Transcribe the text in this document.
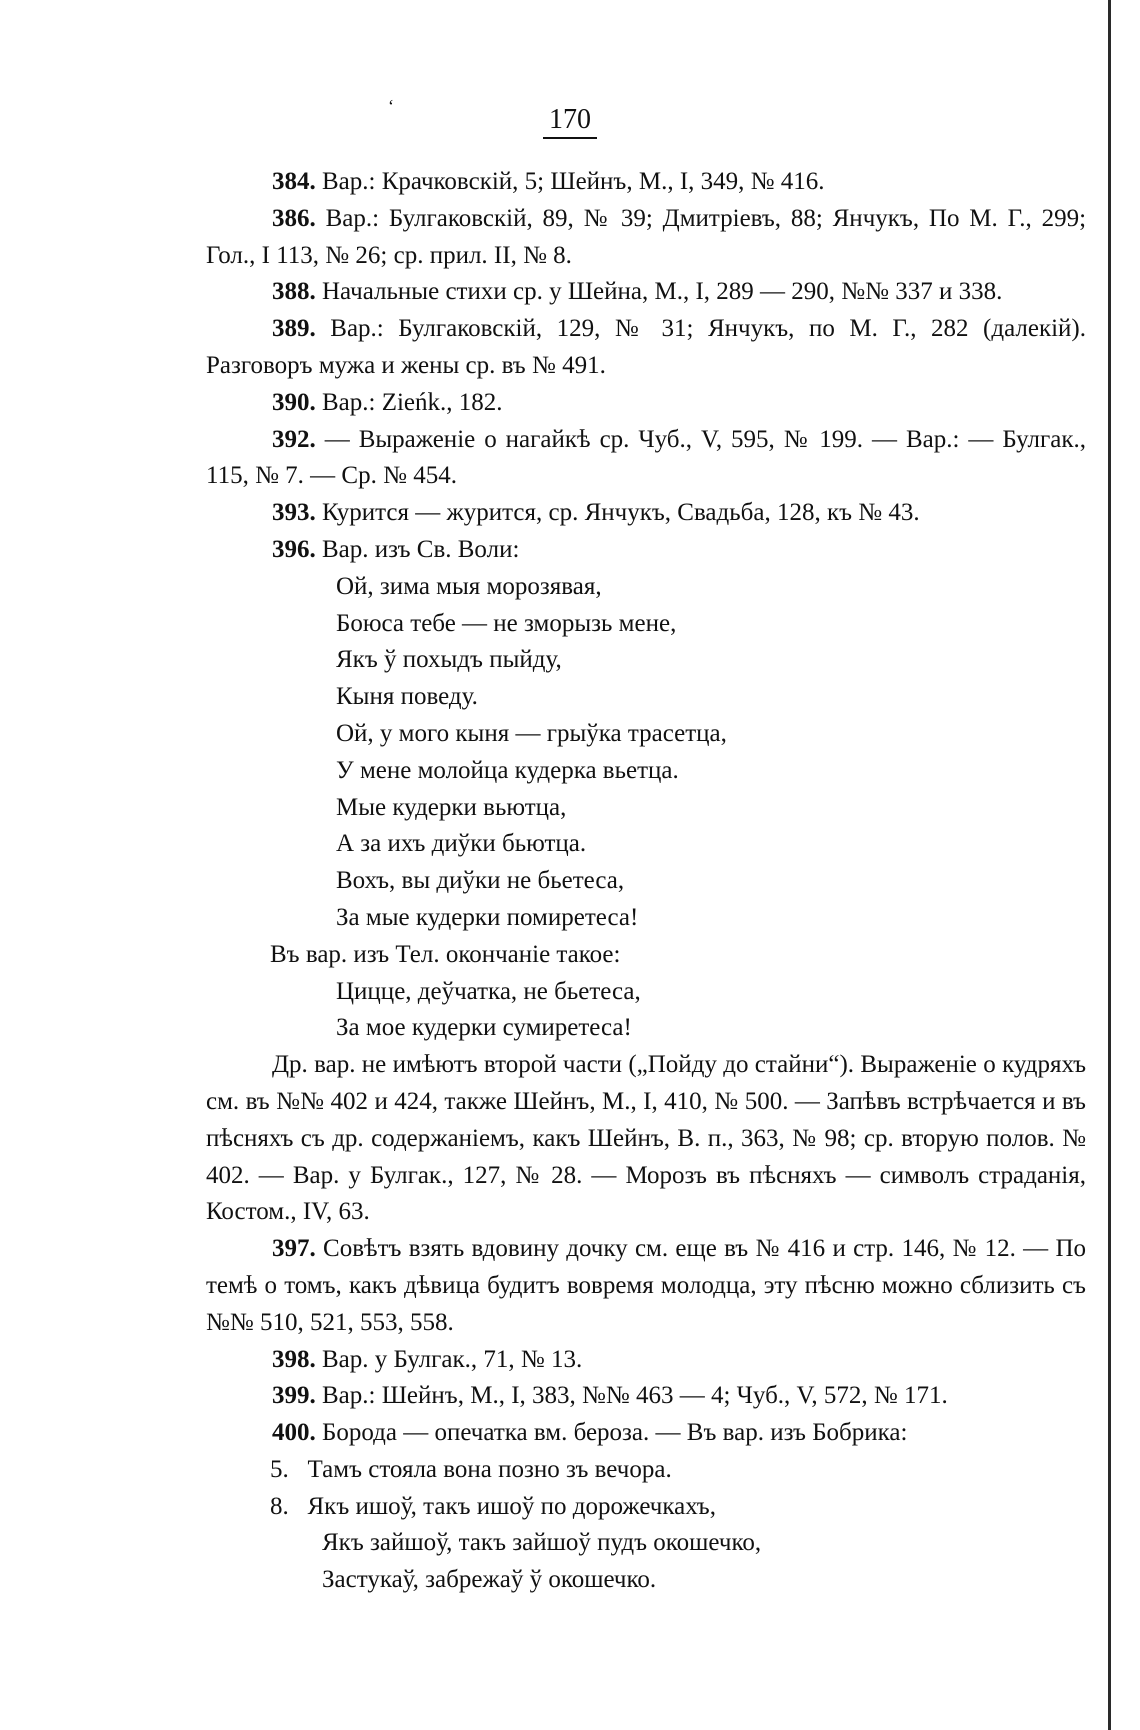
‘	170

384. Вар.: Крачковскій, 5; Шейнъ, М., I, 349, № 416.

386. Вар.: Булгаковскій, 89, № 39; Дмитріевъ, 88; Янчукъ, По М. Г., 299; Гол., I 113, № 26; ср. прил. II, № 8.

388. Начальные стихи ср. у Шейна, М., I, 289 — 290, №№ 337 и 338.

389. Вар.: Булгаковскій, 129, № 31; Янчукъ, по М. Г., 282 (далекій). Разговоръ мужа и жены ср. въ № 491.

390. Вар.: Zieńk., 182.

392. — Выраженіе о нагайкѣ ср. Чуб., V, 595, № 199. — Вар.: — Булгак., 115, № 7. — Ср. № 454.

393. Курится — журится, ср. Янчукъ, Свадьба, 128, къ № 43.

396. Вар. изъ Св. Воли:

Ой, зима мыя морозявая,

Боюса тебе — не зморызь мене,

Якъ ў похыдъ пыйду,

Кыня поведу.

Ой, у мого кыня — грыўка трасетца,

У мене молойца кудерка вьетца.

Мые кудерки вьютца,

А за ихъ диўки бьютца.

Вохъ, вы диўки не бьетеса,

За мые кудерки помиретеса!

Въ вар. изъ Тел. окончаніе такое:

Цицце, деўчатка, не бьетеса,

За мое кудерки сумиретеса!

Др. вар. не имѣютъ второй части („Пойду до стайни“). Выраженіе о кудряхъ см. въ №№ 402 и 424, также Шейнъ, М., I, 410, № 500. — Запѣвъ встрѣчается и въ пѣсняхъ съ др. содержаніемъ, какъ Шейнъ, В. п., 363, № 98; ср. вторую полов. № 402. — Вар. у Булгак., 127, № 28. — Морозъ въ пѣсняхъ — символъ страданія, Костом., IV, 63.

397. Совѣтъ взять вдовину дочку см. еще въ № 416 и стр. 146, № 12. — По темѣ о томъ, какъ дѣвица будитъ вовремя молодца, эту пѣсню можно сблизить съ №№ 510, 521, 553, 558.

398. Вар. у Булгак., 71, № 13.

399. Вар.: Шейнъ, М., I, 383, №№ 463 — 4; Чуб., V, 572, № 171.

400. Борода — опечатка вм. бероза. — Въ вар. изъ Бобрика:

5. Тамъ стояла вона позно зъ вечора.

8. Якъ ишоў, такъ ишоў по дорожечкахъ,

Якъ зайшоў, такъ зайшоў пудъ окошечко,

Застукаў, забрежаў ў окошечко.
